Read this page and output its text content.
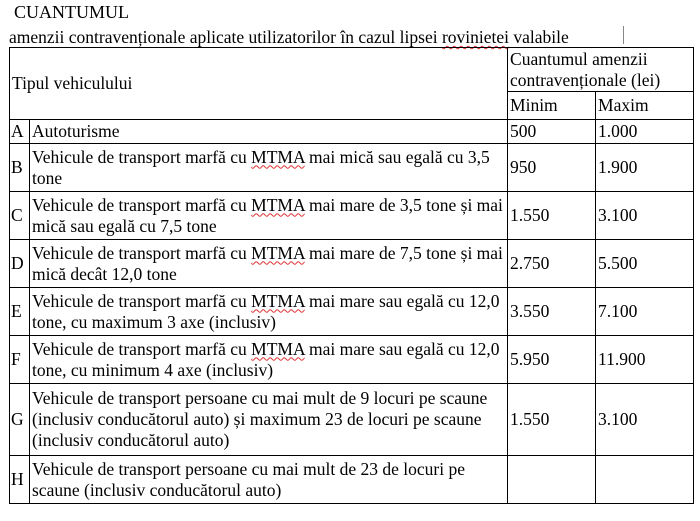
CUANTUMUL
amenzii contravenționale aplicate utilizatorilor în cazul lipsei rovinietei valabile
Tipul vehiculului		Cuantumul amenzii contravenționale (lei)	
		Minim	Maxim
A	Autoturisme	500	1.000
B	Vehicule de transport marfă cu MTMA mai mică sau egală cu 3,5 tone	950	1.900
C	Vehicule de transport marfă cu MTMA mai mare de 3,5 tone și mai mică sau egală cu 7,5 tone	1.550	3.100
D	Vehicule de transport marfă cu MTMA mai mare de 7,5 tone și mai mică decât 12,0 tone	2.750	5.500
E	Vehicule de transport marfă cu MTMA mai mare sau egală cu 12,0 tone, cu maximum 3 axe (inclusiv)	3.550	7.100
F	Vehicule de transport marfă cu MTMA mai mare sau egală cu 12,0 tone, cu minimum 4 axe (inclusiv)	5.950	11.900
G	Vehicule de transport persoane cu mai mult de 9 locuri pe scaune (inclusiv conducătorul auto) și maximum 23 de locuri pe scaune (inclusiv conducătorul auto)	1.550	3.100
H	Vehicule de transport persoane cu mai mult de 23 de locuri pe scaune (inclusiv conducătorul auto)		
